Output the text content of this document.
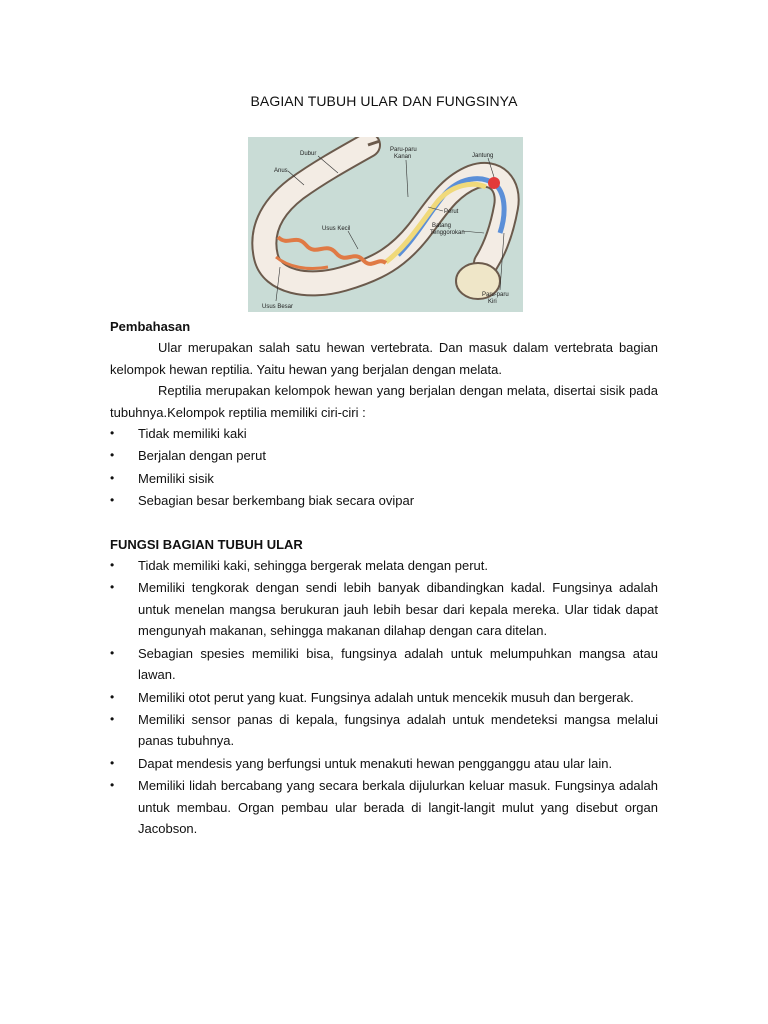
BAGIAN TUBUH ULAR DAN FUNGSINYA
Dubur
Anus
Paru-paru
Kanan	Jantung
Perut
Usus Kecil	Batang
Tenggorokan
Usus Besar
Paru-paru
Kiri

Pembahasan

Ular merupakan salah satu hewan vertebrata. Dan masuk dalam vertebrata bagian kelompok hewan reptilia. Yaitu hewan yang berjalan dengan melata.

Reptilia merupakan kelompok hewan yang berjalan dengan melata, disertai sisik pada tubuhnya.Kelompok reptilia memiliki ciri-ciri :

• Tidak memiliki kaki
• Berjalan dengan perut
• Memiliki sisik
• Sebagian besar berkembang biak secara ovipar

FUNGSI BAGIAN TUBUH ULAR

• Tidak memiliki kaki, sehingga bergerak melata dengan perut.
• Memiliki tengkorak dengan sendi lebih banyak dibandingkan kadal. Fungsinya adalah untuk menelan mangsa berukuran jauh lebih besar dari kepala mereka. Ular tidak dapat mengunyah makanan, sehingga makanan dilahap dengan cara ditelan.
• Sebagian spesies memiliki bisa, fungsinya adalah untuk melumpuhkan mangsa atau lawan.
• Memiliki otot perut yang kuat. Fungsinya adalah untuk mencekik musuh dan bergerak.
• Memiliki sensor panas di kepala, fungsinya adalah untuk mendeteksi mangsa melalui panas tubuhnya.
• Dapat mendesis yang berfungsi untuk menakuti hewan pengganggu atau ular lain.
• Memiliki lidah bercabang yang secara berkala dijulurkan keluar masuk. Fungsinya adalah untuk membau. Organ pembau ular berada di langit-langit mulut yang disebut organ Jacobson.
